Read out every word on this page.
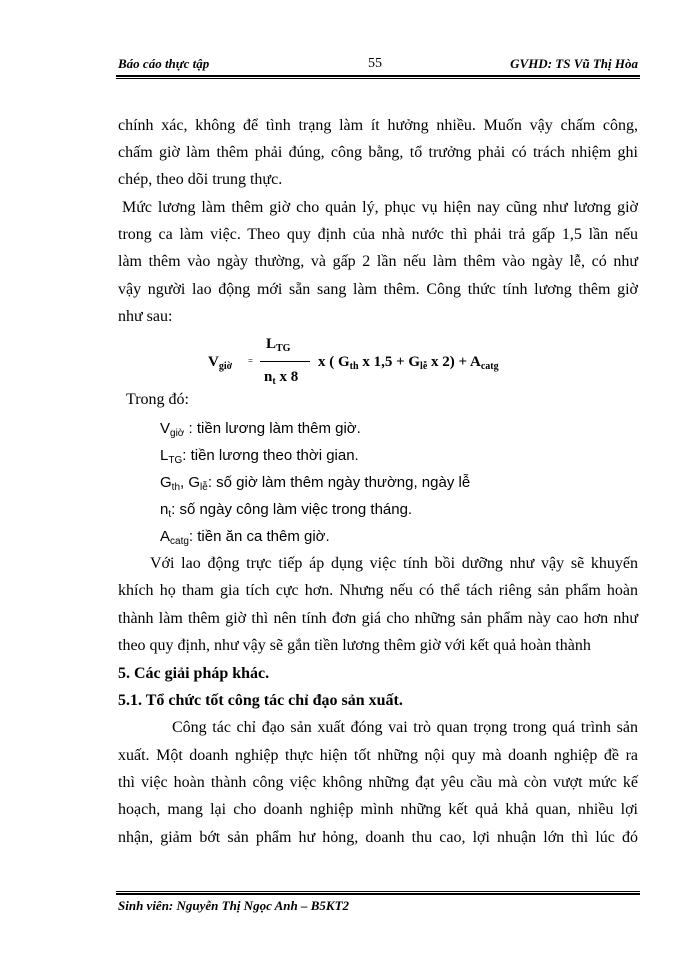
Báo cáo thực tập	55	GVHD: TS Vũ Thị Hòa
chính xác, không để tình trạng làm ít hưởng nhiều. Muốn vậy chấm công,
chấm giờ làm thêm phải đúng, công bằng, tổ trưởng phải có trách nhiệm ghi
chép, theo dõi trung thực.
Mức lương làm thêm giờ cho quản lý, phục vụ hiện nay cũng như lương giờ
trong ca làm việc. Theo quy định của nhà nước thì phải trả gấp 1,5 lần nếu
làm thêm vào ngày thường, và gấp 2 lần nếu làm thêm vào ngày lễ, có như
vậy người lao động mới sẵn sang làm thêm. Công thức tính lương thêm giờ
như sau:
$V_{giờ}$ =
$L_{TG}$
$n_t$ x 8
x ( $G_{th}$ x $1,5 + G_{lễ}$ x $2) + A_{catg}$
Trong đó:
$V_{giờ}$ : tiền lương làm thêm giờ.
$L_{TG}$: tiền lương theo thời gian.
$G_{th}$, $G_{lễ}$: số giờ làm thêm ngày thường, ngày lễ
$n_t$: số ngày công làm việc trong tháng.
$A_{catg}$: tiền ăn ca thêm giờ.
Với lao động trực tiếp áp dụng việc tính bồi dưỡng như vậy sẽ khuyến
khích họ tham gia tích cực hơn. Nhưng nếu có thể tách riêng sản phẩm hoàn
thành làm thêm giờ thì nên tính đơn giá cho những sản phẩm này cao hơn như
theo quy định, như vậy sẽ gắn tiền lương thêm giờ với kết quả hoàn thành
5. Các giải pháp khác.
5.1. Tổ chức tốt công tác chỉ đạo sản xuất.
Công tác chỉ đạo sản xuất đóng vai trò quan trọng trong quá trình sản
xuất. Một doanh nghiệp thực hiện tốt những nội quy mà doanh nghiệp đề ra
thì việc hoàn thành công việc không những đạt yêu cầu mà còn vượt mức kế
hoạch, mang lại cho doanh nghiệp mình những kết quả khả quan, nhiều lợi
nhận, giảm bớt sản phẩm hư hỏng, doanh thu cao, lợi nhuận lớn thì lúc đó
Sinh viên: Nguyễn Thị Ngọc Anh – B5KT2
